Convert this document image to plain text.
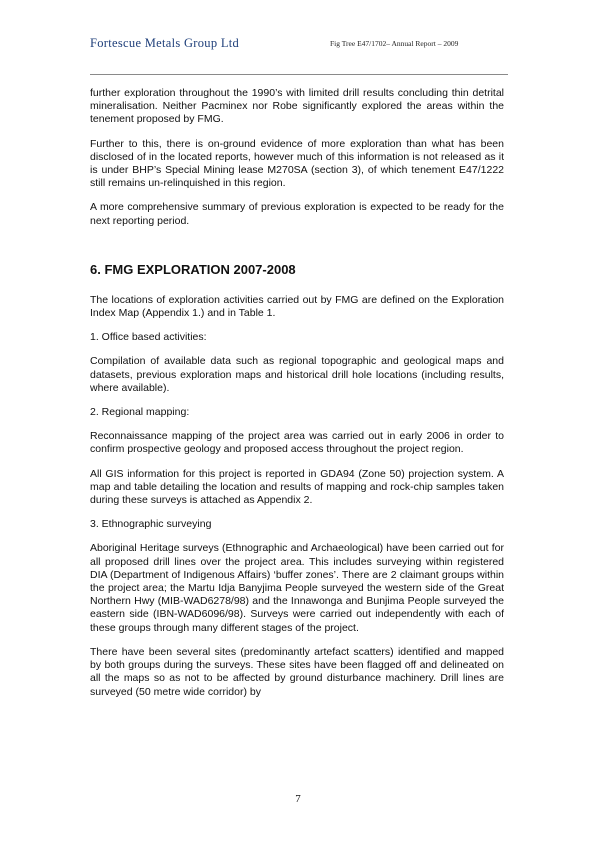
Fortescue Metals Group Ltd	Fig Tree E47/1702– Annual Report – 2009

further exploration throughout the 1990’s with limited drill results concluding thin detrital mineralisation. Neither Pacminex nor Robe significantly explored the areas within the tenement proposed by FMG.

Further to this, there is on-ground evidence of more exploration than what has been disclosed of in the located reports, however much of this information is not released as it is under BHP’s Special Mining lease M270SA (section 3), of which tenement E47/1222 still remains un-relinquished in this region.

A more comprehensive summary of previous exploration is expected to be ready for the next reporting period.

6. FMG EXPLORATION 2007-2008

The locations of exploration activities carried out by FMG are defined on the Exploration Index Map (Appendix 1.) and in Table 1.

1. Office based activities:

Compilation of available data such as regional topographic and geological maps and datasets, previous exploration maps and historical drill hole locations (including results, where available).

2. Regional mapping:

Reconnaissance mapping of the project area was carried out in early 2006 in order to confirm prospective geology and proposed access throughout the project region.

All GIS information for this project is reported in GDA94 (Zone 50) projection system. A map and table detailing the location and results of mapping and rock-chip samples taken during these surveys is attached as Appendix 2.

3. Ethnographic surveying

Aboriginal Heritage surveys (Ethnographic and Archaeological) have been carried out for all proposed drill lines over the project area. This includes surveying within registered DIA (Department of Indigenous Affairs) ‘buffer zones’. There are 2 claimant groups within the project area; the Martu Idja Banyjima People surveyed the western side of the Great Northern Hwy (MIB-WAD6278/98) and the Innawonga and Bunjima People surveyed the eastern side (IBN-WAD6096/98). Surveys were carried out independently with each of these groups through many different stages of the project.

There have been several sites (predominantly artefact scatters) identified and mapped by both groups during the surveys. These sites have been flagged off and delineated on all the maps so as not to be affected by ground disturbance machinery. Drill lines are surveyed (50 metre wide corridor) by

7
